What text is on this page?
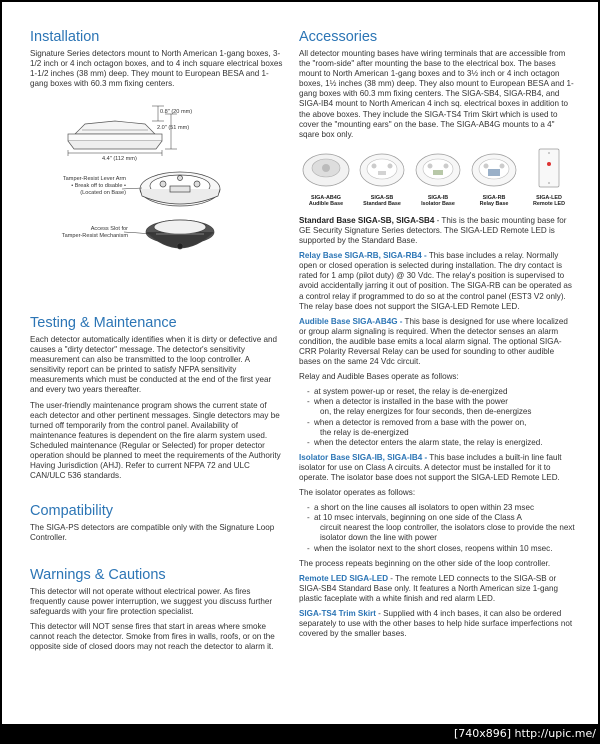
Installation

Signature Series detectors mount to North American 1-gang boxes, 3-1/2 inch or 4 inch octagon boxes, and to 4 inch square electrical boxes 1-1/2 inches (38 mm) deep. They mount to European BESA and 1-gang boxes with 60.3 mm fixing centers.

0.8" (20 mm)
2.0" (51 mm)
4.4" (112 mm)
Tamper-Resist Lever Arm
• Break off to disable •
(Located on Base)
Access Slot for
Tamper-Resist Mechanism
Testing & Maintenance

Each detector automatically identifies when it is dirty or defective and causes a "dirty detector" message. The detector's sensitivity measurement can also be transmitted to the loop controller. A sensitivity report can be printed to satisfy NFPA sensitivity measurements which must be conducted at the end of the first year and every two years thereafter.

The user-friendly maintenance program shows the current state of each detector and other pertinent messages. Single detectors may be turned off temporarily from the control panel. Availability of maintenance features is dependent on the fire alarm system used. Scheduled maintenance (Regular or Selected) for proper detector operation should be planned to meet the requirements of the Authority Having Jurisdiction (AHJ). Refer to current NFPA 72 and ULC CAN/ULC 536 standards.

Compatibility

The SIGA-PS detectors are compatible only with the Signature Loop Controller.

Warnings & Cautions

This detector will not operate without electrical power. As fires frequently cause power interruption, we suggest you discuss further safeguards with your fire protection specialist.

This detector will NOT sense fires that start in areas where smoke cannot reach the detector. Smoke from fires in walls, roofs, or on the opposite side of closed doors may not reach the detector to alarm it.

Accessories

All detector mounting bases have wiring terminals that are accessible from the "room-side" after mounting the base to the electrical box. The bases mount to North American 1-gang boxes and to 3½ inch or 4 inch octagon boxes, 1½ inches (38 mm) deep. They also mount to European BESA and 1-gang boxes with 60.3 mm fixing centers. The SIGA-SB4, SIGA-RB4, and SIGA-IB4 mount to North American 4 inch sq. electrical boxes in addition to the above boxes. They include the SIGA-TS4 Trim Skirt which is used to cover the "mounting ears" on the base. The SIGA-AB4G mounts to a 4" sqare box only.

SIGA-AB4G
Audible Base
SIGA-SB
Standard Base
SIGA-IB
Isolator Base
SIGA-RB
Relay Base
SIGA-LED
Remote LED

Standard Base SIGA-SB, SIGA-SB4 - This is the basic mounting base for GE Security Signature Series detectors. The SIGA-LED Remote LED is supported by the Standard Base.

Relay Base SIGA-RB, SIGA-RB4 - This base includes a relay. Normally open or closed operation is selected during installation. The dry contact is rated for 1 amp (pilot duty) @ 30 Vdc. The relay's position is supervised to avoid accidentally jarring it out of position. The SIGA-RB can be operated as a control relay if programmed to do so at the control panel (EST3 V2 only). The relay base does not support the SIGA-LED Remote LED.

Audible Base SIGA-AB4G - This base is designed for use where localized or group alarm signaling is required. When the detector senses an alarm condition, the audible base emits a local alarm signal. The optional SIGA-CRR Polarity Reversal Relay can be used for sounding to other audible bases on the same 24 Vdc circuit.

Relay and Audible Bases operate as follows:

- at system power-up or reset, the relay is de-energized
- when a detector is installed in the base with the power
on, the relay energizes for four seconds, then de-energizes
- when a detector is removed from a base with the power on,
the relay is de-energized
- when the detector enters the alarm state, the relay is energized.

Isolator Base SIGA-IB, SIGA-IB4 - This base includes a built-in line fault isolator for use on Class A circuits. A detector must be installed for it to operate. The isolator base does not support the SIGA-LED Remote LED.

The isolator operates as follows:

- a short on the line causes all isolators to open within 23 msec
- at 10 msec intervals, beginning on one side of the Class A
circuit nearest the loop controller, the isolators close to provide the next isolator down the line with power
- when the isolator next to the short closes, reopens within 10 msec.

The process repeats beginning on the other side of the loop controller.

Remote LED SIGA-LED - The remote LED connects to the SIGA-SB or SIGA-SB4 Standard Base only. It features a North American size 1-gang plastic faceplate with a white finish and red alarm LED.

SIGA-TS4 Trim Skirt - Supplied with 4 inch bases, it can also be ordered separately to use with the other bases to help hide surface imperfections not covered by the smaller bases.

[740x896] http://upic.me/
